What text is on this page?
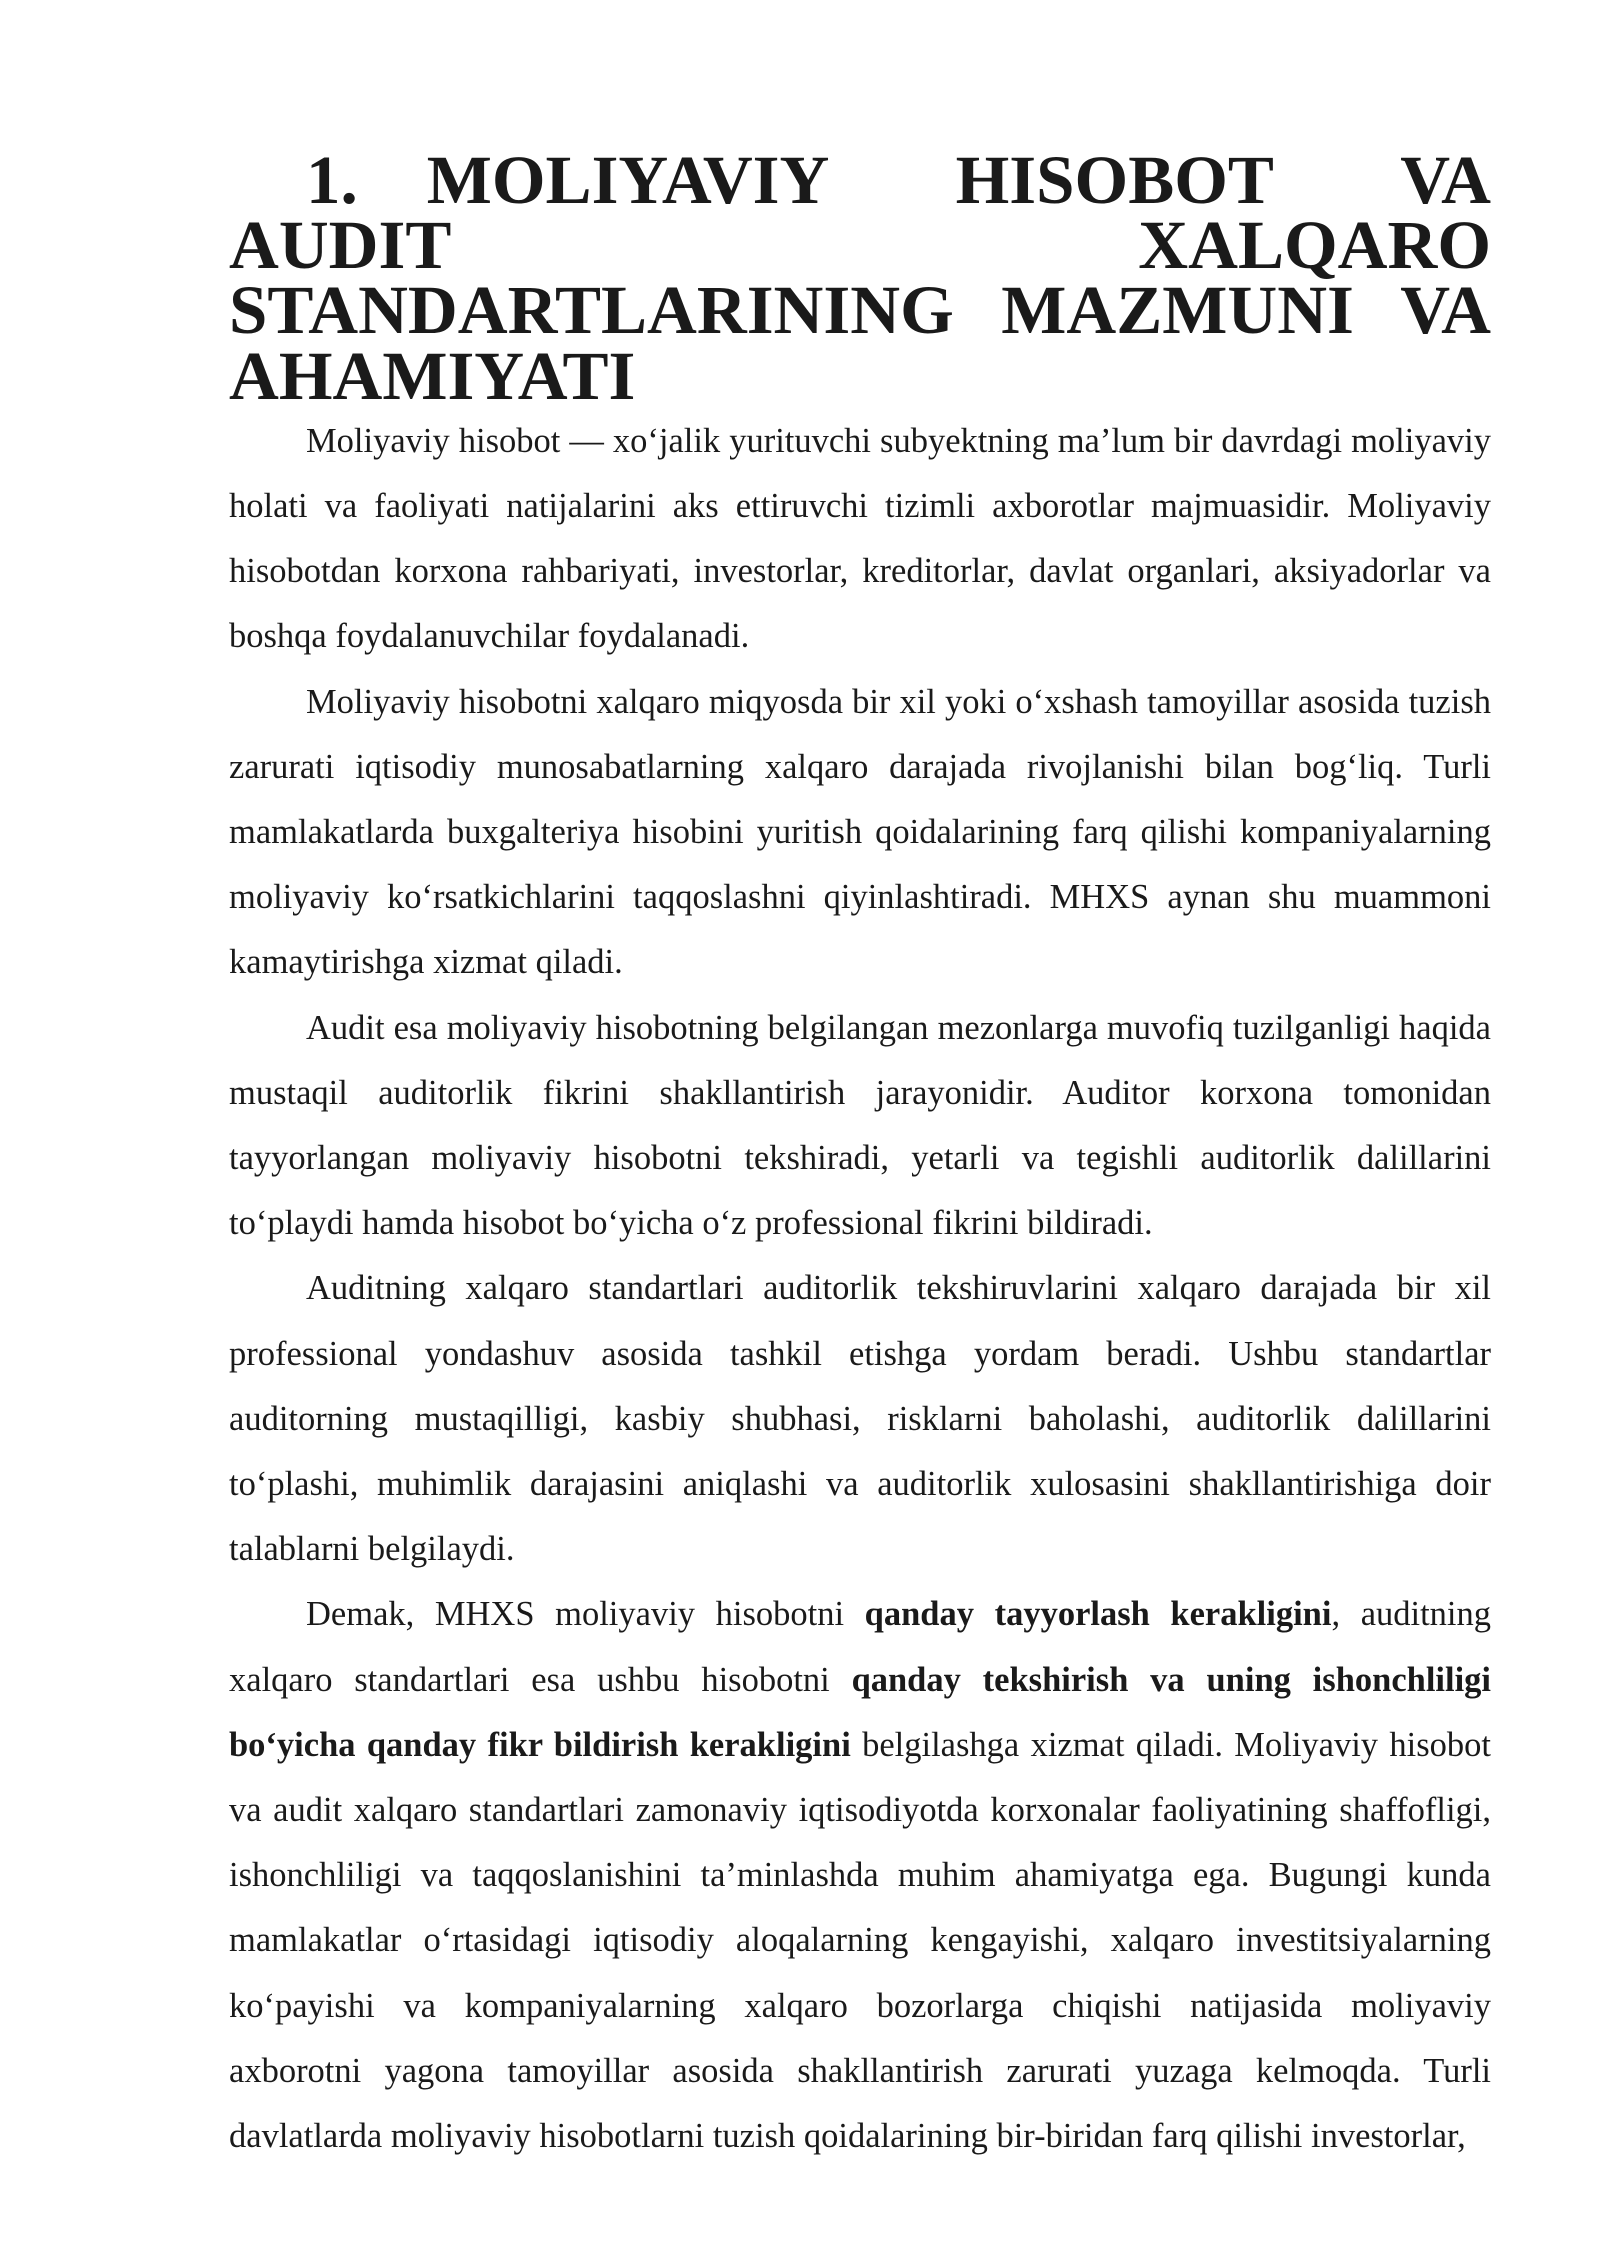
1. MOLIYAVIY HISOBOT VA AUDIT XALQARO
STANDARTLARINING MAZMUNI VA AHAMIYATI

Moliyaviy hisobot — xo‘jalik yurituvchi subyektning ma’lum bir davrdagi moliyaviy holati va faoliyati natijalarini aks ettiruvchi tizimli axborotlar majmuasidir. Moliyaviy hisobotdan korxona rahbariyati, investorlar, kreditorlar, davlat organlari, aksiyadorlar va boshqa foydalanuvchilar foydalanadi.

Moliyaviy hisobotni xalqaro miqyosda bir xil yoki o‘xshash tamoyillar asosida tuzish zarurati iqtisodiy munosabatlarning xalqaro darajada rivojlanishi bilan bog‘liq. Turli mamlakatlarda buxgalteriya hisobini yuritish qoidalarining farq qilishi kompaniyalarning moliyaviy ko‘rsatkichlarini taqqoslashni qiyinlashtiradi. MHXS aynan shu muammoni kamaytirishga xizmat qiladi.

Audit esa moliyaviy hisobotning belgilangan mezonlarga muvofiq tuzilganligi haqida mustaqil auditorlik fikrini shakllantirish jarayonidir. Auditor korxona tomonidan tayyorlangan moliyaviy hisobotni tekshiradi, yetarli va tegishli auditorlik dalillarini to‘playdi hamda hisobot bo‘yicha o‘z professional fikrini bildiradi.

Auditning xalqaro standartlari auditorlik tekshiruvlarini xalqaro darajada bir xil professional yondashuv asosida tashkil etishga yordam beradi. Ushbu standartlar auditorning mustaqilligi, kasbiy shubhasi, risklarni baholashi, auditorlik dalillarini to‘plashi, muhimlik darajasini aniqlashi va auditorlik xulosasini shakllantirishiga doir talablarni belgilaydi.

Demak, MHXS moliyaviy hisobotni qanday tayyorlash kerakligini, auditning xalqaro standartlari esa ushbu hisobotni qanday tekshirish va uning ishonchliligi bo‘yicha qanday fikr bildirish kerakligini belgilashga xizmat qiladi. Moliyaviy hisobot va audit xalqaro standartlari zamonaviy iqtisodiyotda korxonalar faoliyatining shaffofligi, ishonchliligi va taqqoslanishini ta’minlashda muhim ahamiyatga ega. Bugungi kunda mamlakatlar o‘rtasidagi iqtisodiy aloqalarning kengayishi, xalqaro investitsiyalarning ko‘payishi va kompaniyalarning xalqaro bozorlarga chiqishi natijasida moliyaviy axborotni yagona tamoyillar asosida shakllantirish zarurati yuzaga kelmoqda. Turli davlatlarda moliyaviy hisobotlarni tuzish qoidalarining bir-biridan farq qilishi investorlar,
